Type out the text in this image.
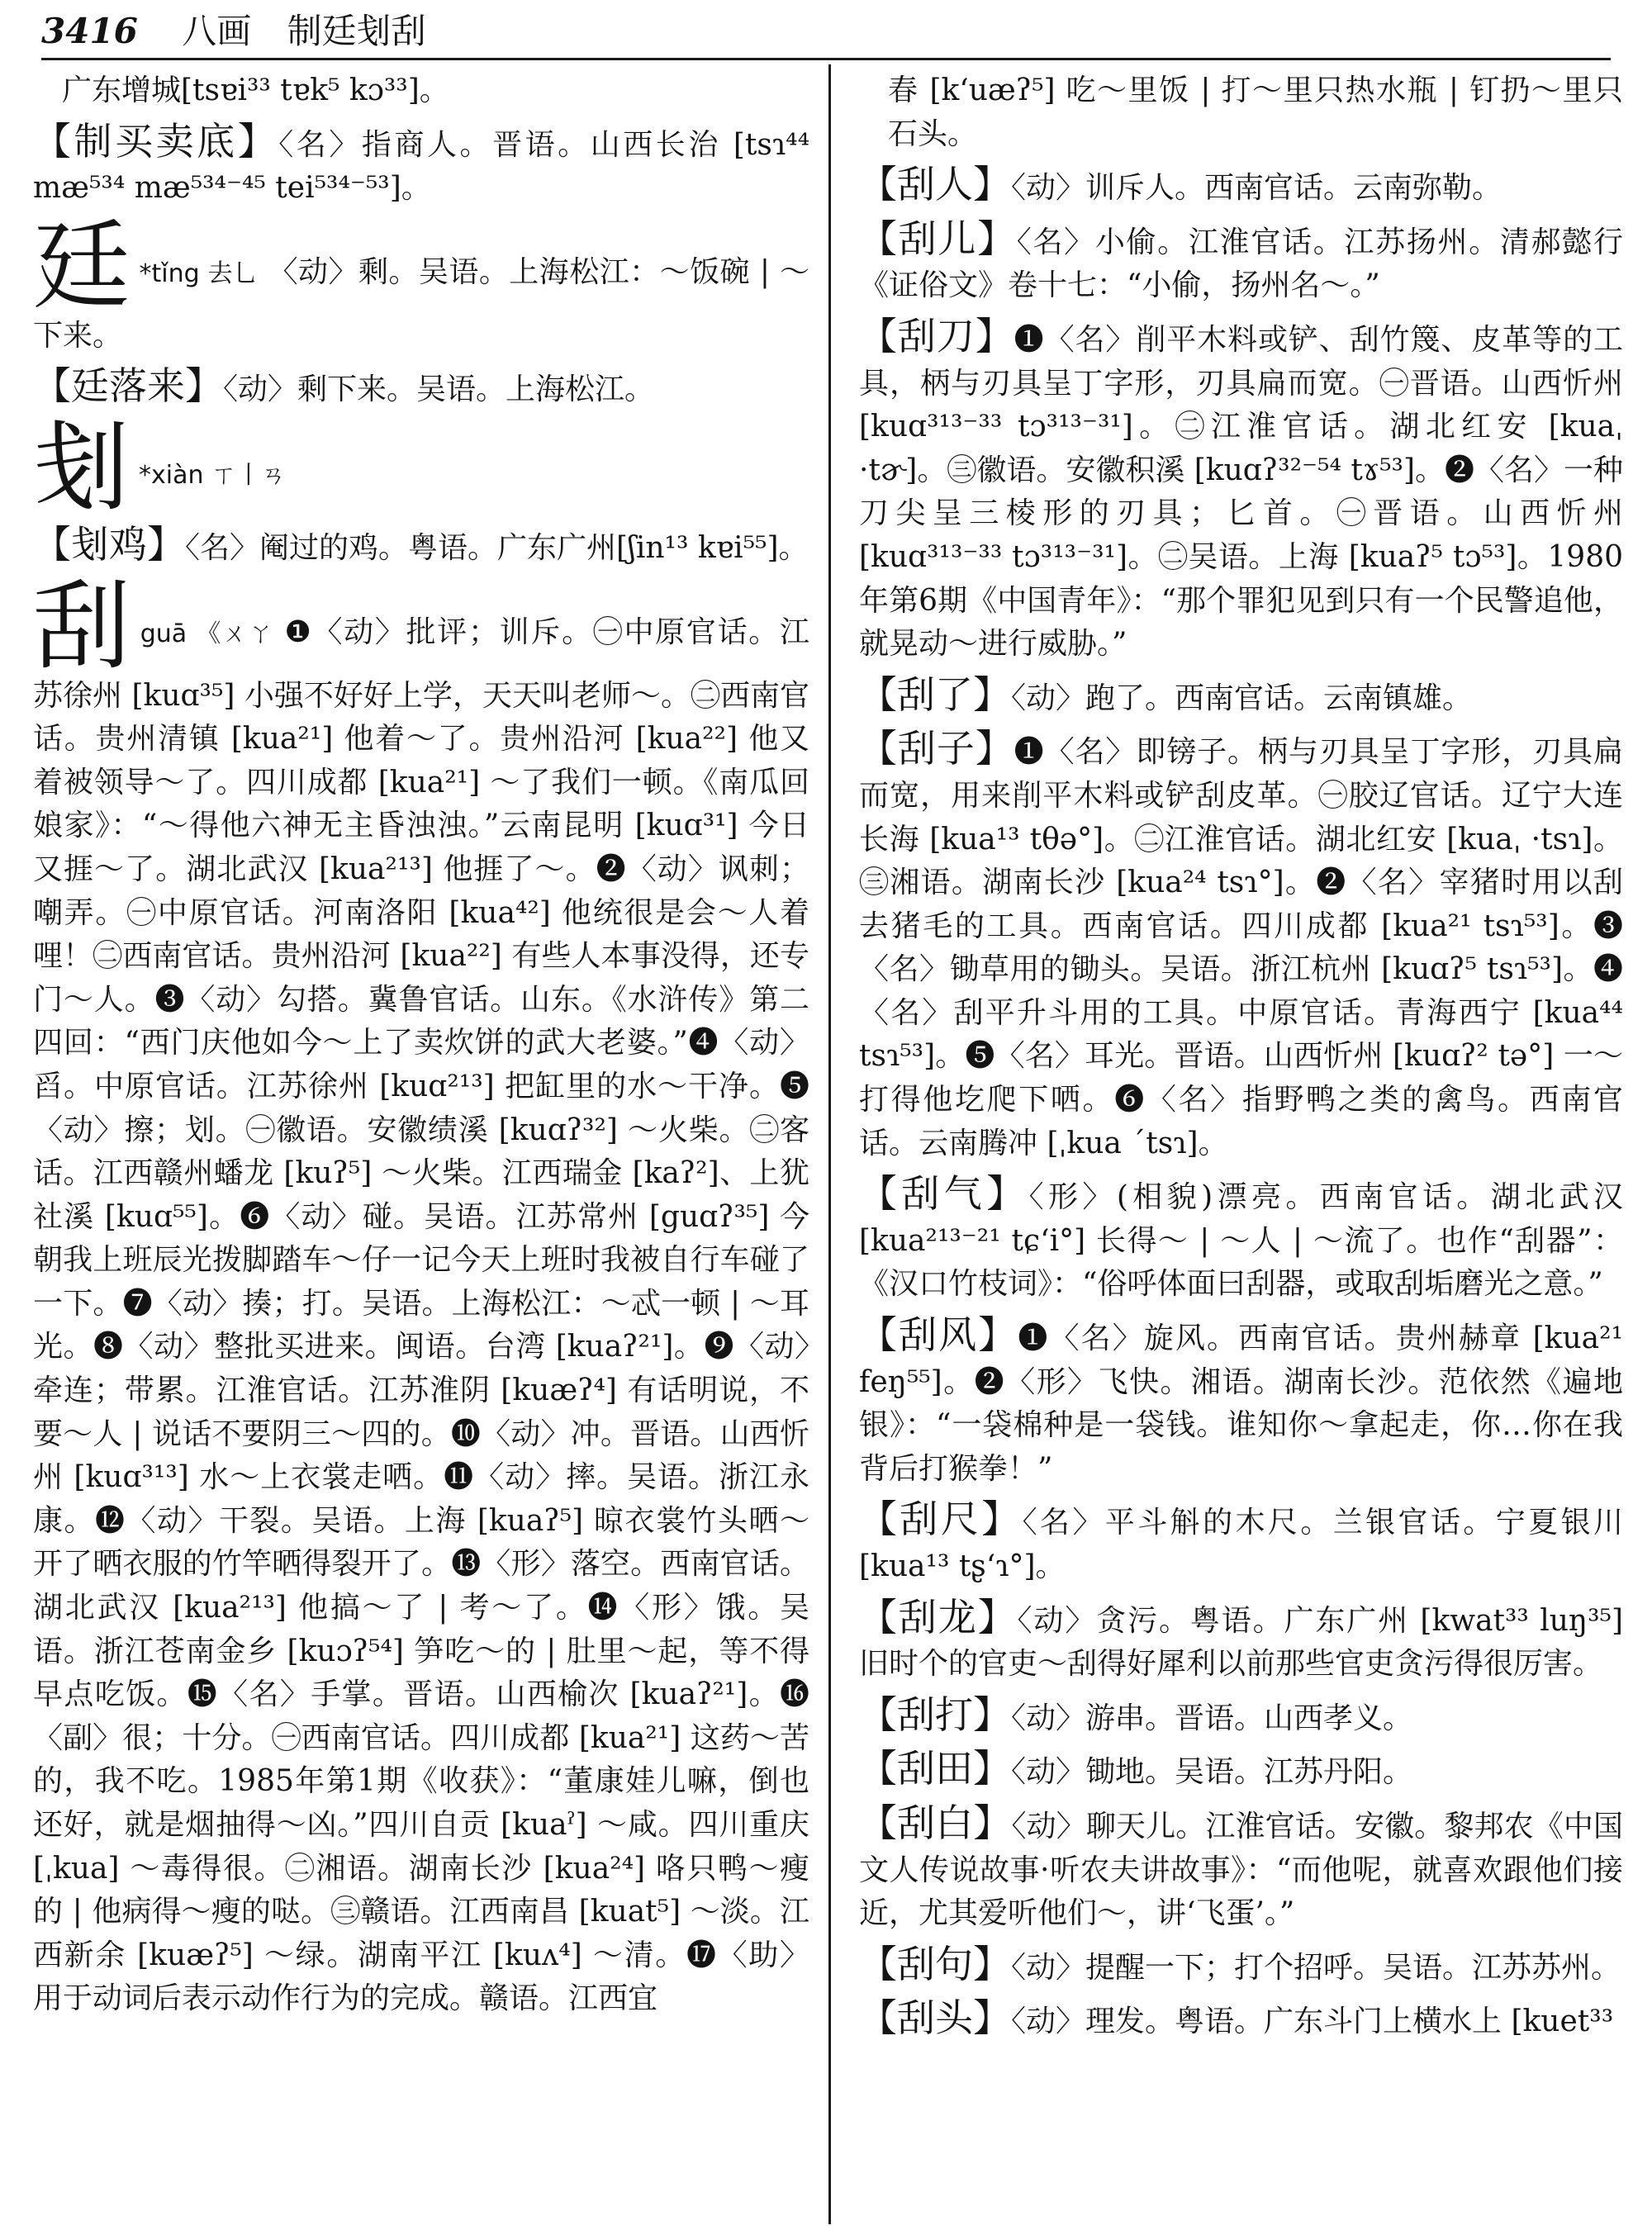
3416 八画 制廷刬刮
广东增城[tsɐi³³ tɐk⁵ kɔ³³]。
【制买卖底】〈名〉指商人。晋语。山西长治 [tsɿ⁴⁴ mæ⁵³⁴ mæ⁵³⁴⁻⁴⁵ tei⁵³⁴⁻⁵³]。
廷 *tǐng 去乚 〈动〉剩。吴语。上海松江：～饭碗 | ～下来。
【廷落来】〈动〉剩下来。吴语。上海松江。
刬 *xiàn ㄒ丨ㄢ
【刬鸡】〈名〉阉过的鸡。粤语。广东广州[ʃin¹³ kɐi⁵⁵]。
刮guā 《ㄨㄚ ❶〈动〉批评；训斥。㊀中原官话。江苏徐州 [kuɑ³⁵] 小强不好好上学，天天叫老师～。㊁西南官话。贵州清镇 [kua²¹] 他着～了。贵州沿河 [kua²²] 他又着被领导～了。四川成都 [kua²¹] ～了我们一顿。《南瓜回娘家》：“～得他六神无主昏浊浊。”云南昆明 [kuɑ³¹] 今日又捱～了。湖北武汉 [kua²¹³] 他捱了～。❷〈动〉讽刺；嘲弄。㊀中原官话。河南洛阳 [kua⁴²] 他统很是会～人着哩！㊁西南官话。贵州沿河 [kua²²] 有些人本事没得，还专门～人。❸〈动〉勾搭。冀鲁官话。山东。《水浒传》第二四回：“西门庆他如今～上了卖炊饼的武大老婆。”❹〈动〉舀。中原官话。江苏徐州 [kuɑ²¹³] 把缸里的水～干净。❺〈动〉擦；划。㊀徽语。安徽绩溪 [kuɑʔ³²] ～火柴。㊁客话。江西赣州蟠龙 [kuʔ⁵] ～火柴。江西瑞金 [kaʔ²]、上犹社溪 [kuɑ⁵⁵]。❻〈动〉碰。吴语。江苏常州 [guɑʔ³⁵] 今朝我上班辰光拨脚踏车～仔一记今天上班时我被自行车碰了一下。❼〈动〉揍；打。吴语。上海松江：～忒一顿 | ～耳光。❽〈动〉整批买进来。闽语。台湾 [kuaʔ²¹]。❾〈动〉牵连；带累。江淮官话。江苏淮阴 [kuæʔ⁴] 有话明说，不要～人 | 说话不要阴三～四的。❿〈动〉冲。晋语。山西忻州 [kuɑ³¹³] 水～上衣裳走哂。⓫〈动〉摔。吴语。浙江永康。⓬〈动〉干裂。吴语。上海 [kuaʔ⁵] 晾衣裳竹头晒～开了晒衣服的竹竿晒得裂开了。⓭〈形〉落空。西南官话。湖北武汉 [kua²¹³] 他搞～了 | 考～了。⓮〈形〉饿。吴语。浙江苍南金乡 [kuɔʔ⁵⁴] 笋吃～的 | 肚里～起，等不得早点吃饭。⓯〈名〉手掌。晋语。山西榆次 [kuaʔ²¹]。⓰〈副〉很；十分。㊀西南官话。四川成都 [kua²¹] 这药～苦的，我不吃。1985年第1期《收获》：“董康娃儿嘛，倒也还好，就是烟抽得～凶。”四川自贡 [kuaˀ] ～咸。四川重庆 [ˌkua] ～毒得很。㊁湘语。湖南长沙 [kua²⁴] 咯只鸭～瘦的 | 他病得～瘦的哒。㊂赣语。江西南昌 [kuat⁵] ～淡。江西新余 [kuæʔ⁵] ～绿。湖南平江 [kuʌ⁴] ～清。⓱〈助〉用于动词后表示动作行为的完成。赣语。江西宜
春 [kʻuæʔ⁵] 吃～里饭 | 打～里只热水瓶 | 钉扔～里只石头。
【刮人】〈动〉训斥人。西南官话。云南弥勒。
【刮儿】〈名〉小偷。江淮官话。江苏扬州。清郝懿行《证俗文》卷十七：“小偷，扬州名～。”
【刮刀】❶〈名〉削平木料或铲、刮竹篾、皮革等的工具，柄与刃具呈丁字形，刃具扁而宽。㊀晋语。山西忻州 [kuɑ³¹³⁻³³ tɔ³¹³⁻³¹]。㊁江淮官话。湖北红安 [kuaˌ ·tɚ]。㊂徽语。安徽积溪 [kuɑʔ³²⁻⁵⁴ tɤ⁵³]。❷〈名〉一种刀尖呈三棱形的刃具；匕首。㊀晋语。山西忻州 [kuɑ³¹³⁻³³ tɔ³¹³⁻³¹]。㊁吴语。上海 [kuaʔ⁵ tɔ⁵³]。1980年第6期《中国青年》：“那个罪犯见到只有一个民警追他，就晃动～进行威胁。”
【刮了】〈动〉跑了。西南官话。云南镇雄。
【刮子】❶〈名〉即镑子。柄与刃具呈丁字形，刃具扁而宽，用来削平木料或铲刮皮革。㊀胶辽官话。辽宁大连长海 [kua¹³ tθə°]。㊁江淮官话。湖北红安 [kuaˌ ·tsɿ]。㊂湘语。湖南长沙 [kua²⁴ tsɿ°]。❷〈名〉宰猪时用以刮去猪毛的工具。西南官话。四川成都 [kua²¹ tsɿ⁵³]。❸〈名〉锄草用的锄头。吴语。浙江杭州 [kuɑʔ⁵ tsɿ⁵³]。❹〈名〉刮平升斗用的工具。中原官话。青海西宁 [kua⁴⁴ tsɿ⁵³]。❺〈名〉耳光。晋语。山西忻州 [kuɑʔ² tə°] 一～打得他圪爬下哂。❻〈名〉指野鸭之类的禽鸟。西南官话。云南腾冲 [ˌkua ˊtsɿ]。
【刮气】〈形〉(相貌)漂亮。西南官话。湖北武汉 [kua²¹³⁻²¹ tɕʻi°] 长得～ | ～人 | ～流了。也作“刮器”：《汉口竹枝词》：“俗呼体面曰刮器，或取刮垢磨光之意。”
【刮风】❶〈名〉旋风。西南官话。贵州赫章 [kua²¹ feŋ⁵⁵]。❷〈形〉飞快。湘语。湖南长沙。范依然《遍地银》：“一袋棉种是一袋钱。谁知你～拿起走，你…你在我背后打猴拳！”
【刮尺】〈名〉平斗斛的木尺。兰银官话。宁夏银川 [kua¹³ tʂʻɿ°]。
【刮龙】〈动〉贪污。粤语。广东广州 [kwat³³ luŋ³⁵] 旧时个的官吏～刮得好犀利以前那些官吏贪污得很厉害。
【刮打】〈动〉游串。晋语。山西孝义。
【刮田】〈动〉锄地。吴语。江苏丹阳。
【刮白】〈动〉聊天儿。江淮官话。安徽。黎邦农《中国文人传说故事·听农夫讲故事》：“而他呢，就喜欢跟他们接近，尤其爱听他们～，讲‘飞蛋’。”
【刮句】〈动〉提醒一下；打个招呼。吴语。江苏苏州。
【刮头】〈动〉理发。粤语。广东斗门上横水上 [kuet³³
